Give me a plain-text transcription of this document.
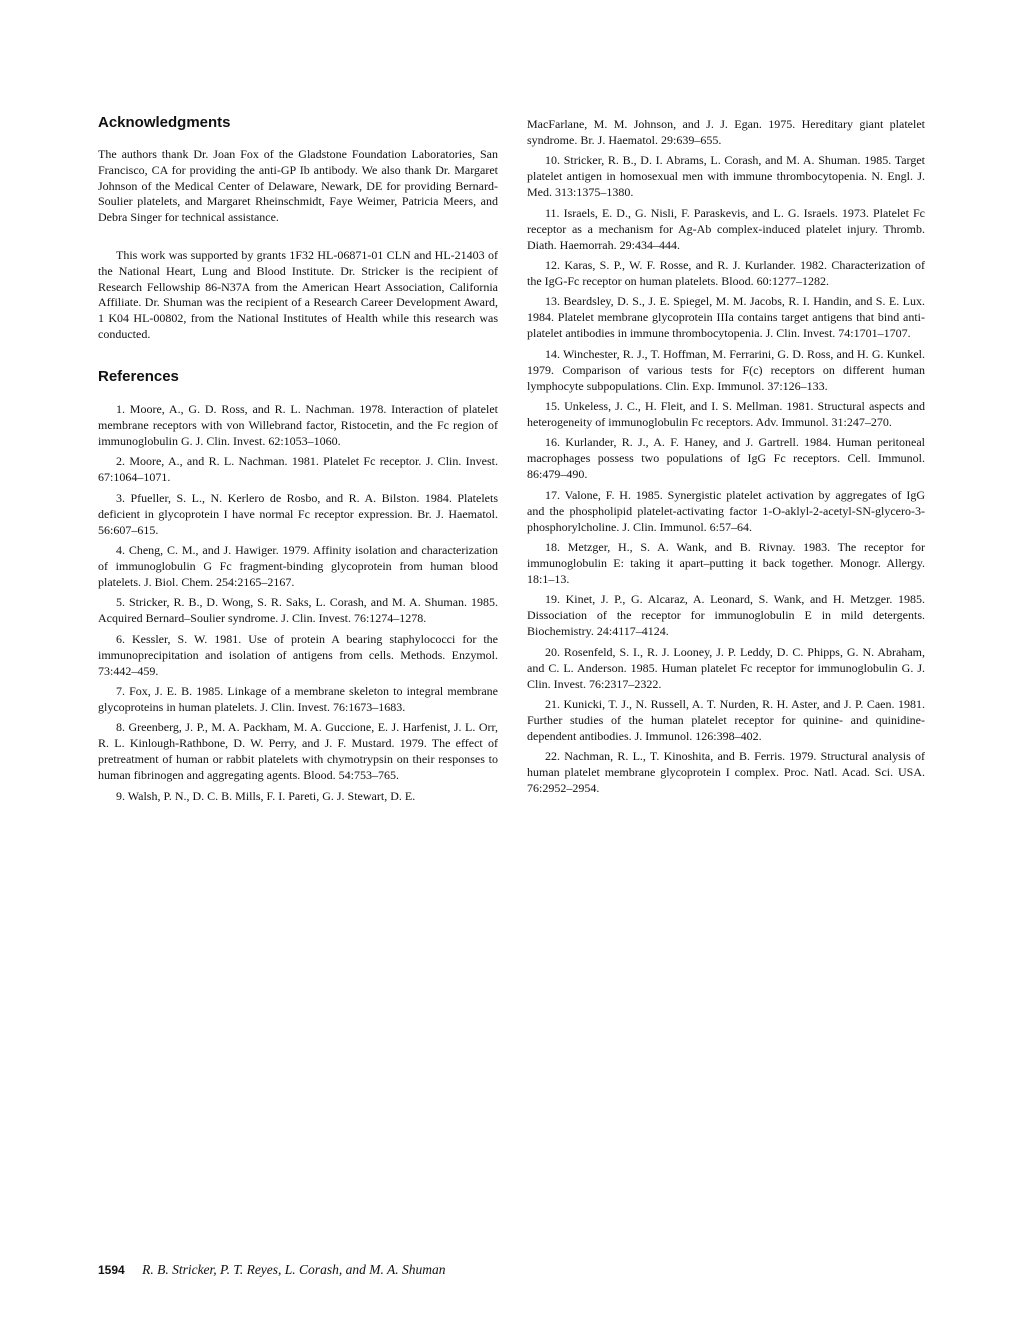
Acknowledgments

The authors thank Dr. Joan Fox of the Gladstone Foundation Laboratories, San Francisco, CA for providing the anti-GP Ib antibody. We also thank Dr. Margaret Johnson of the Medical Center of Delaware, Newark, DE for providing Bernard-Soulier platelets, and Margaret Rheinschmidt, Faye Weimer, Patricia Meers, and Debra Singer for technical assistance.

This work was supported by grants 1F32 HL-06871-01 CLN and HL-21403 of the National Heart, Lung and Blood Institute. Dr. Stricker is the recipient of Research Fellowship 86-N37A from the American Heart Association, California Affiliate. Dr. Shuman was the recipient of a Research Career Development Award, 1 K04 HL-00802, from the National Institutes of Health while this research was conducted.

References

1. Moore, A., G. D. Ross, and R. L. Nachman. 1978. Interaction of platelet membrane receptors with von Willebrand factor, Ristocetin, and the Fc region of immunoglobulin G. J. Clin. Invest. 62:1053–1060.

2. Moore, A., and R. L. Nachman. 1981. Platelet Fc receptor. J. Clin. Invest. 67:1064–1071.

3. Pfueller, S. L., N. Kerlero de Rosbo, and R. A. Bilston. 1984. Platelets deficient in glycoprotein I have normal Fc receptor expression. Br. J. Haematol. 56:607–615.

4. Cheng, C. M., and J. Hawiger. 1979. Affinity isolation and characterization of immunoglobulin G Fc fragment-binding glycoprotein from human blood platelets. J. Biol. Chem. 254:2165–2167.

5. Stricker, R. B., D. Wong, S. R. Saks, L. Corash, and M. A. Shuman. 1985. Acquired Bernard–Soulier syndrome. J. Clin. Invest. 76:1274–1278.

6. Kessler, S. W. 1981. Use of protein A bearing staphylococci for the immunoprecipitation and isolation of antigens from cells. Methods. Enzymol. 73:442–459.

7. Fox, J. E. B. 1985. Linkage of a membrane skeleton to integral membrane glycoproteins in human platelets. J. Clin. Invest. 76:1673–1683.

8. Greenberg, J. P., M. A. Packham, M. A. Guccione, E. J. Harfenist, J. L. Orr, R. L. Kinlough-Rathbone, D. W. Perry, and J. F. Mustard. 1979. The effect of pretreatment of human or rabbit platelets with chymotrypsin on their responses to human fibrinogen and aggregating agents. Blood. 54:753–765.

9. Walsh, P. N., D. C. B. Mills, F. I. Pareti, G. J. Stewart, D. E.

MacFarlane, M. M. Johnson, and J. J. Egan. 1975. Hereditary giant platelet syndrome. Br. J. Haematol. 29:639–655.

10. Stricker, R. B., D. I. Abrams, L. Corash, and M. A. Shuman. 1985. Target platelet antigen in homosexual men with immune thrombocytopenia. N. Engl. J. Med. 313:1375–1380.

11. Israels, E. D., G. Nisli, F. Paraskevis, and L. G. Israels. 1973. Platelet Fc receptor as a mechanism for Ag-Ab complex-induced platelet injury. Thromb. Diath. Haemorrah. 29:434–444.

12. Karas, S. P., W. F. Rosse, and R. J. Kurlander. 1982. Characterization of the IgG-Fc receptor on human platelets. Blood. 60:1277–1282.

13. Beardsley, D. S., J. E. Spiegel, M. M. Jacobs, R. I. Handin, and S. E. Lux. 1984. Platelet membrane glycoprotein IIIa contains target antigens that bind anti-platelet antibodies in immune thrombocytopenia. J. Clin. Invest. 74:1701–1707.

14. Winchester, R. J., T. Hoffman, M. Ferrarini, G. D. Ross, and H. G. Kunkel. 1979. Comparison of various tests for F(c) receptors on different human lymphocyte subpopulations. Clin. Exp. Immunol. 37:126–133.

15. Unkeless, J. C., H. Fleit, and I. S. Mellman. 1981. Structural aspects and heterogeneity of immunoglobulin Fc receptors. Adv. Immunol. 31:247–270.

16. Kurlander, R. J., A. F. Haney, and J. Gartrell. 1984. Human peritoneal macrophages possess two populations of IgG Fc receptors. Cell. Immunol. 86:479–490.

17. Valone, F. H. 1985. Synergistic platelet activation by aggregates of IgG and the phospholipid platelet-activating factor 1-O-aklyl-2-acetyl-SN-glycero-3-phosphorylcholine. J. Clin. Immunol. 6:57–64.

18. Metzger, H., S. A. Wank, and B. Rivnay. 1983. The receptor for immunoglobulin E: taking it apart–putting it back together. Monogr. Allergy. 18:1–13.

19. Kinet, J. P., G. Alcaraz, A. Leonard, S. Wank, and H. Metzger. 1985. Dissociation of the receptor for immunoglobulin E in mild detergents. Biochemistry. 24:4117–4124.

20. Rosenfeld, S. I., R. J. Looney, J. P. Leddy, D. C. Phipps, G. N. Abraham, and C. L. Anderson. 1985. Human platelet Fc receptor for immunoglobulin G. J. Clin. Invest. 76:2317–2322.

21. Kunicki, T. J., N. Russell, A. T. Nurden, R. H. Aster, and J. P. Caen. 1981. Further studies of the human platelet receptor for quinine- and quinidine-dependent antibodies. J. Immunol. 126:398–402.

22. Nachman, R. L., T. Kinoshita, and B. Ferris. 1979. Structural analysis of human platelet membrane glycoprotein I complex. Proc. Natl. Acad. Sci. USA. 76:2952–2954.

1594 R. B. Stricker, P. T. Reyes, L. Corash, and M. A. Shuman
